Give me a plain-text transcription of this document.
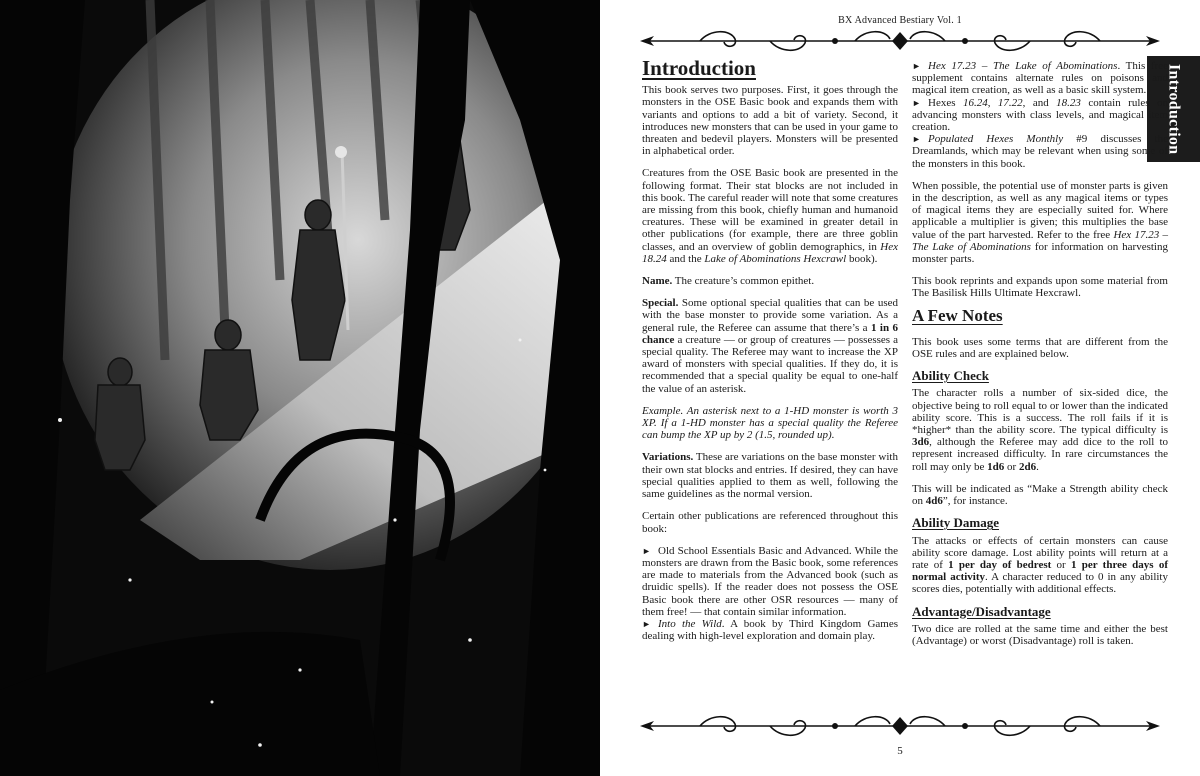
BX Advanced Bestiary Vol. 1
Introduction
Introduction

This book serves two purposes. First, it goes through the monsters in the OSE Basic book and expands them with variants and options to add a bit of variety. Second, it introduces new monsters that can be used in your game to threaten and bedevil players. Monsters will be presented in alphabetical order.

Creatures from the OSE Basic book are presented in the following format. Their stat blocks are not included in this book. The careful reader will note that some creatures are missing from this book, chiefly human and humanoid creatures. These will be examined in greater detail in other publications (for example, there are three goblin classes, and an overview of goblin demographics, in Hex 18.24 and the Lake of Abominations Hexcrawl book).

Name. The creature’s common epithet.

Special. Some optional special qualities that can be used with the base monster to provide some variation. As a general rule, the Referee can assume that there’s a 1 in 6 chance a creature — or group of creatures — possesses a special quality. The Referee may want to increase the XP award of monsters with special qualities. If they do, it is recommended that a special quality be equal to one-half the value of an asterisk.

Example. An asterisk next to a 1-HD monster is worth 3 XP. If a 1-HD monster has a special quality the Referee can bump the XP up by 2 (1.5, rounded up).

Variations. These are variations on the base monster with their own stat blocks and entries. If desired, they can have special qualities applied to them as well, following the same guidelines as the normal version.

Certain other publications are referenced throughout this book:

► Old School Essentials Basic and Advanced. While the monsters are drawn from the Basic book, some references are made to materials from the Advanced book (such as druidic spells). If the reader does not possess the OSE Basic book there are other OSR resources — many of them free! — that contain similar information.

► Into the Wild. A book by Third Kingdom Games dealing with high-level exploration and domain play.

► Hex 17.23 – The Lake of Abominations. This free supplement contains alternate rules on poisons and magical item creation, as well as a basic skill system.

► Hexes 16.24, 17.22, and 18.23 contain rules on advancing monsters with class levels, and magical item creation.

► Populated Hexes Monthly #9 discusses the Dreamlands, which may be relevant when using some of the monsters in this book.

When possible, the potential use of monster parts is given in the description, as well as any magical items or types of magical items they are especially suited for. Where applicable a multiplier is given; this multiplies the base value of the part harvested. Refer to the free Hex 17.23 – The Lake of Abominations for information on harvesting monster parts.

This book reprints and expands upon some material from The Basilisk Hills Ultimate Hexcrawl.

A Few Notes

This book uses some terms that are different from the OSE rules and are explained below.

Ability Check

The character rolls a number of six-sided dice, the objective being to roll equal to or lower than the indicated ability score. This is a success. The roll fails if it is *higher* than the ability score. The typical difficulty is 3d6, although the Referee may add dice to the roll to represent increased difficulty. In rare circumstances the roll may only be 1d6 or 2d6.

This will be indicated as “Make a Strength ability check on 4d6”, for instance.

Ability Damage

The attacks or effects of certain monsters can cause ability score damage. Lost ability points will return at a rate of 1 per day of bedrest or 1 per three days of normal activity. A character reduced to 0 in any ability scores dies, potentially with additional effects.

Advantage/Disadvantage

Two dice are rolled at the same time and either the best (Advantage) or worst (Disadvantage) roll is taken.

5
